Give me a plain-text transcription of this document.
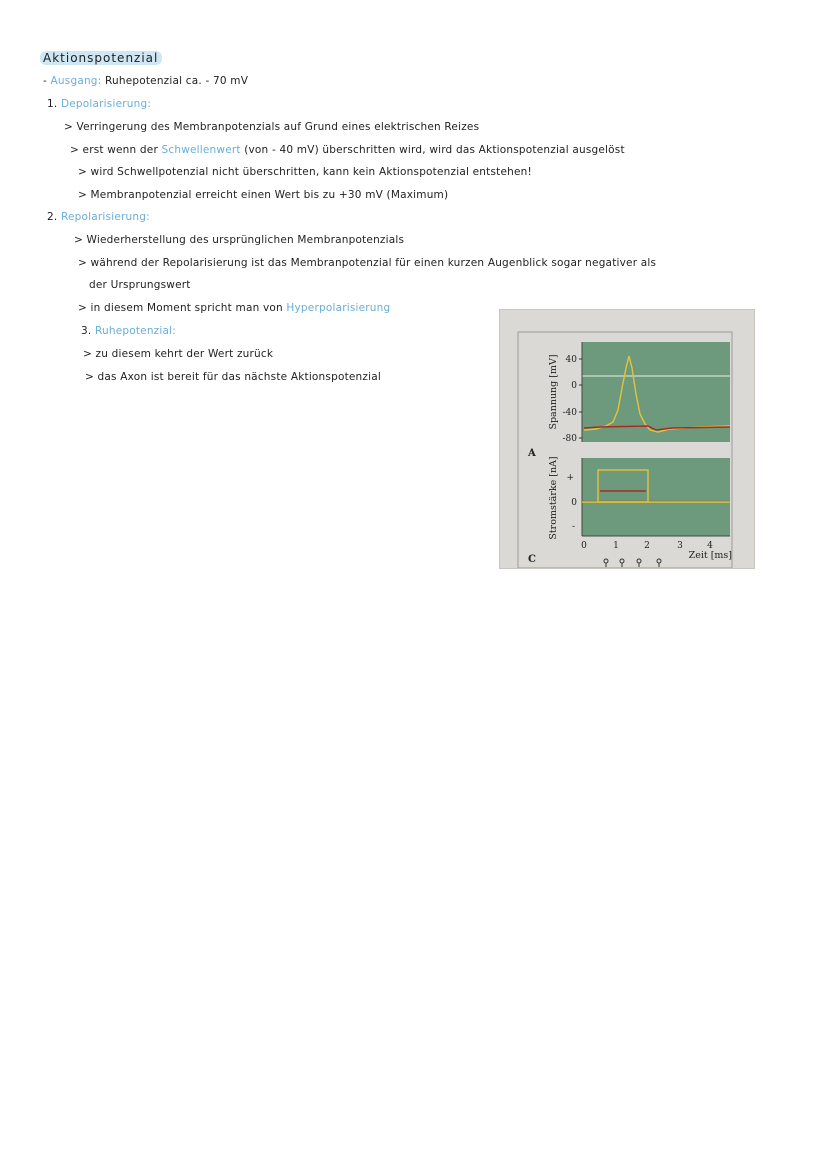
Aktionspotenzial
- Ausgang: Ruhepotenzial ca. - 70 mV
1. Depolarisierung:
> Verringerung des Membranpotenzials auf Grund eines elektrischen Reizes
> erst wenn der Schwellenwert (von - 40 mV) überschritten wird, wird das Aktionspotenzial ausgelöst
> wird Schwellpotenzial nicht überschritten, kann kein Aktionspotenzial entstehen!
> Membranpotenzial erreicht einen Wert bis zu +30 mV (Maximum)
2. Repolarisierung:
> Wiederherstellung des ursprünglichen Membranpotenzials
> während der Repolarisierung ist das Membranpotenzial für einen kurzen Augenblick sogar negativer als
der Ursprungswert
> in diesem Moment spricht man von Hyperpolarisierung
3. Ruhepotenzial:
> zu diesem kehrt der Wert zurück
> das Axon ist bereit für das nächste Aktionspotenzial
40
0
-40
-80
Spannung [mV]
A
+
0
-
Stromstärke [nA]
0	1	2	3	4
Zeit [ms]
C
